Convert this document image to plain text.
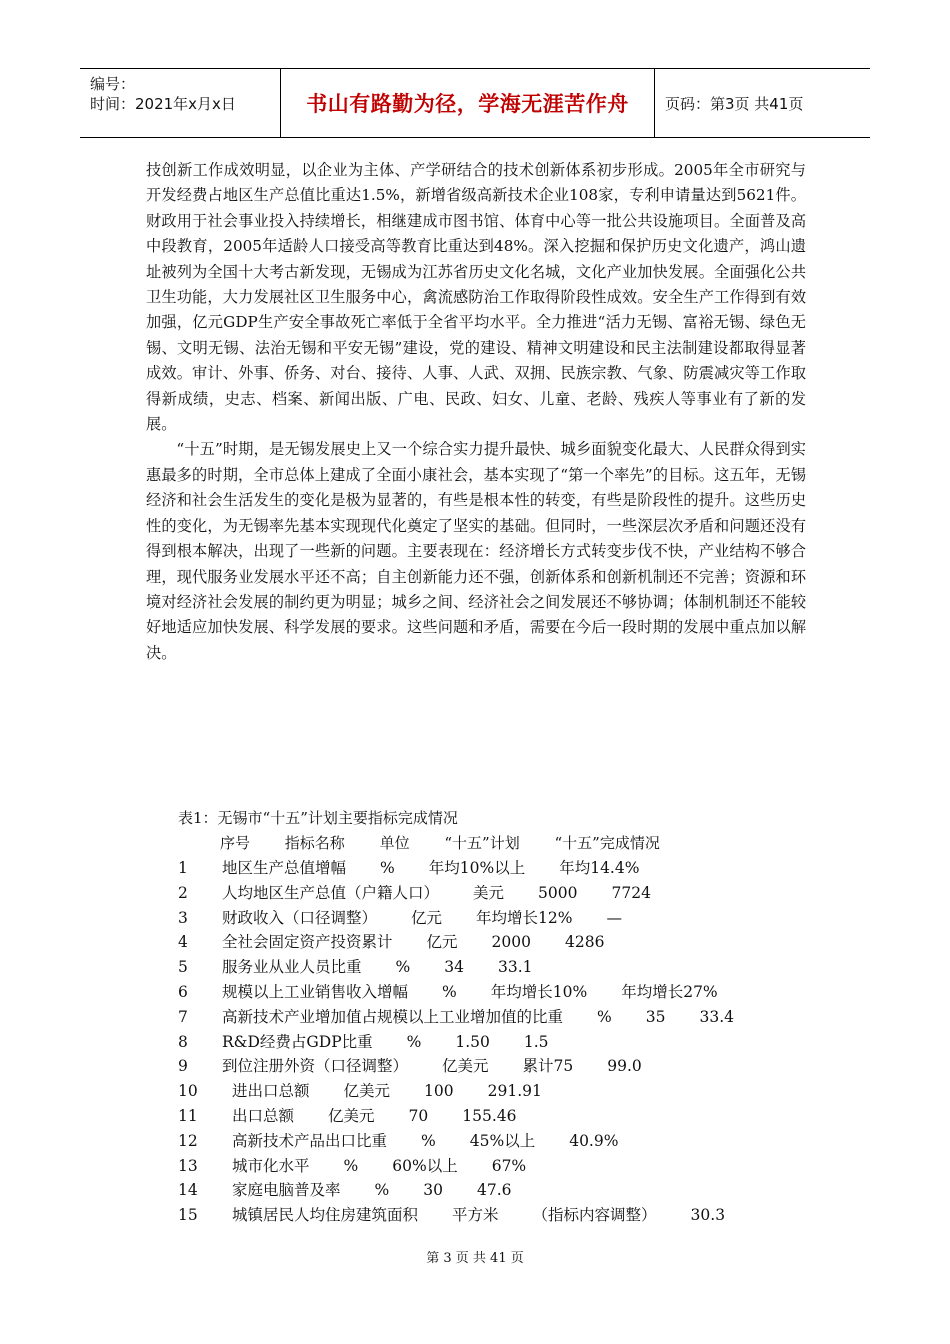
编号：
时间：2021年x月x日	书山有路勤为径，学海无涯苦作舟 页码：第3页 共41页

技创新工作成效明显，以企业为主体、产学研结合的技术创新体系初步形成。2005年全市研究与开发经费占地区生产总值比重达1.5%，新增省级高新技术企业108家，专利申请量达到5621件。财政用于社会事业投入持续增长，相继建成市图书馆、体育中心等一批公共设施项目。全面普及高中段教育，2005年适龄人口接受高等教育比重达到48%。深入挖掘和保护历史文化遗产，鸿山遗址被列为全国十大考古新发现，无锡成为江苏省历史文化名城，文化产业加快发展。全面强化公共卫生功能，大力发展社区卫生服务中心，禽流感防治工作取得阶段性成效。安全生产工作得到有效加强，亿元GDP生产安全事故死亡率低于全省平均水平。全力推进“活力无锡、富裕无锡、绿色无锡、文明无锡、法治无锡和平安无锡”建设，党的建设、精神文明建设和民主法制建设都取得显著成效。审计、外事、侨务、对台、接待、人事、人武、双拥、民族宗教、气象、防震减灾等工作取得新成绩，史志、档案、新闻出版、广电、民政、妇女、儿童、老龄、残疾人等事业有了新的发展。

“十五”时期，是无锡发展史上又一个综合实力提升最快、城乡面貌变化最大、人民群众得到实惠最多的时期，全市总体上建成了全面小康社会，基本实现了“第一个率先”的目标。这五年，无锡经济和社会生活发生的变化是极为显著的，有些是根本性的转变，有些是阶段性的提升。这些历史性的变化，为无锡率先基本实现现代化奠定了坚实的基础。但同时，一些深层次矛盾和问题还没有得到根本解决，出现了一些新的问题。主要表现在：经济增长方式转变步伐不快，产业结构不够合理，现代服务业发展水平还不高；自主创新能力还不强，创新体系和创新机制还不完善；资源和环境对经济社会发展的制约更为明显；城乡之间、经济社会之间发展还不够协调；体制机制还不能较好地适应加快发展、科学发展的要求。这些问题和矛盾，需要在今后一段时期的发展中重点加以解决。

表1：无锡市“十五”计划主要指标完成情况
序号 指标名称 单位 “十五”计划 “十五”完成情况
1 地区生产总值增幅 % 年均10%以上 年均14.4%
2 人均地区生产总值（户籍人口） 美元 5000 7724
3 财政收入（口径调整） 亿元 年均增长12% —
4 全社会固定资产投资累计 亿元 2000 4286
5 服务业从业人员比重 % 34 33.1
6 规模以上工业销售收入增幅 % 年均增长10% 年均增长27%
7 高新技术产业增加值占规模以上工业增加值的比重 % 35 33.4
8 R&D经费占GDP比重 % 1.50 1.5
9 到位注册外资（口径调整） 亿美元 累计75 99.0
10 进出口总额 亿美元 100 291.91
11 出口总额 亿美元 70 155.46
12 高新技术产品出口比重 % 45%以上 40.9%
13 城市化水平 % 60%以上 67%
14 家庭电脑普及率 % 30 47.6
15 城镇居民人均住房建筑面积 平方米 （指标内容调整） 30.3
第 3 页 共 41 页
